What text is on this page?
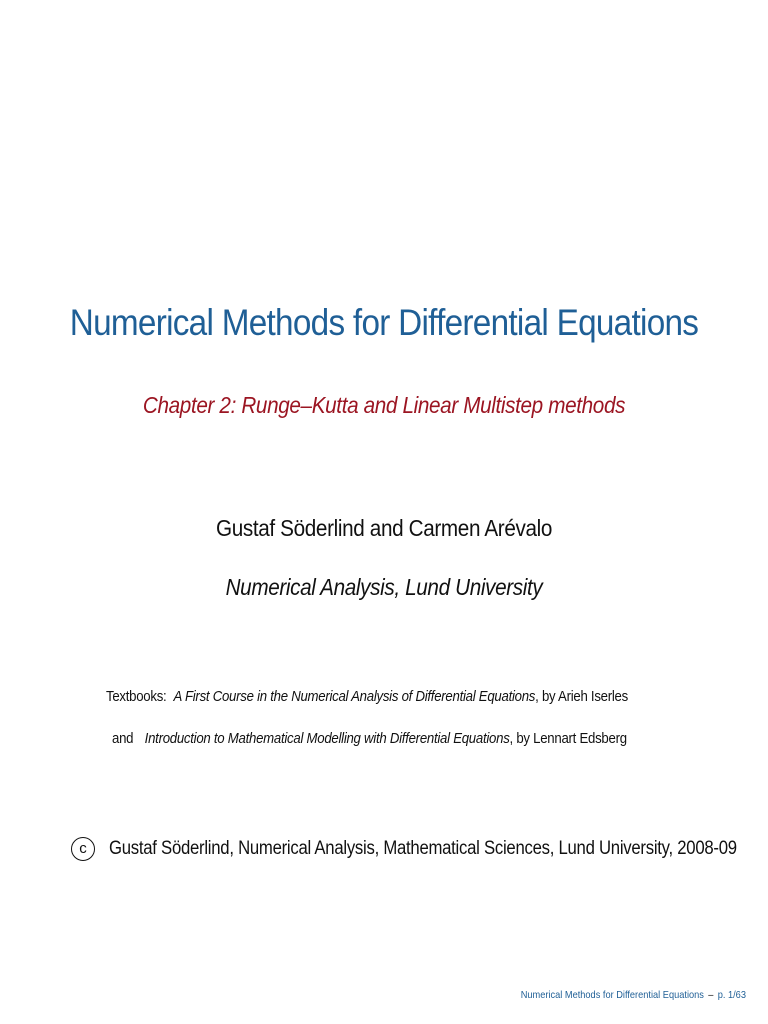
Numerical Methods for Differential Equations
Chapter 2: Runge–Kutta and Linear Multistep methods
Gustaf Söderlind and Carmen Arévalo
Numerical Analysis, Lund University
Textbooks: A First Course in the Numerical Analysis of Differential Equations, by Arieh Iserles
and Introduction to Mathematical Modelling with Differential Equations, by Lennart Edsberg
c	Gustaf Söderlind, Numerical Analysis, Mathematical Sciences, Lund University, 2008-09
Numerical Methods for Differential Equations – p. 1/63
